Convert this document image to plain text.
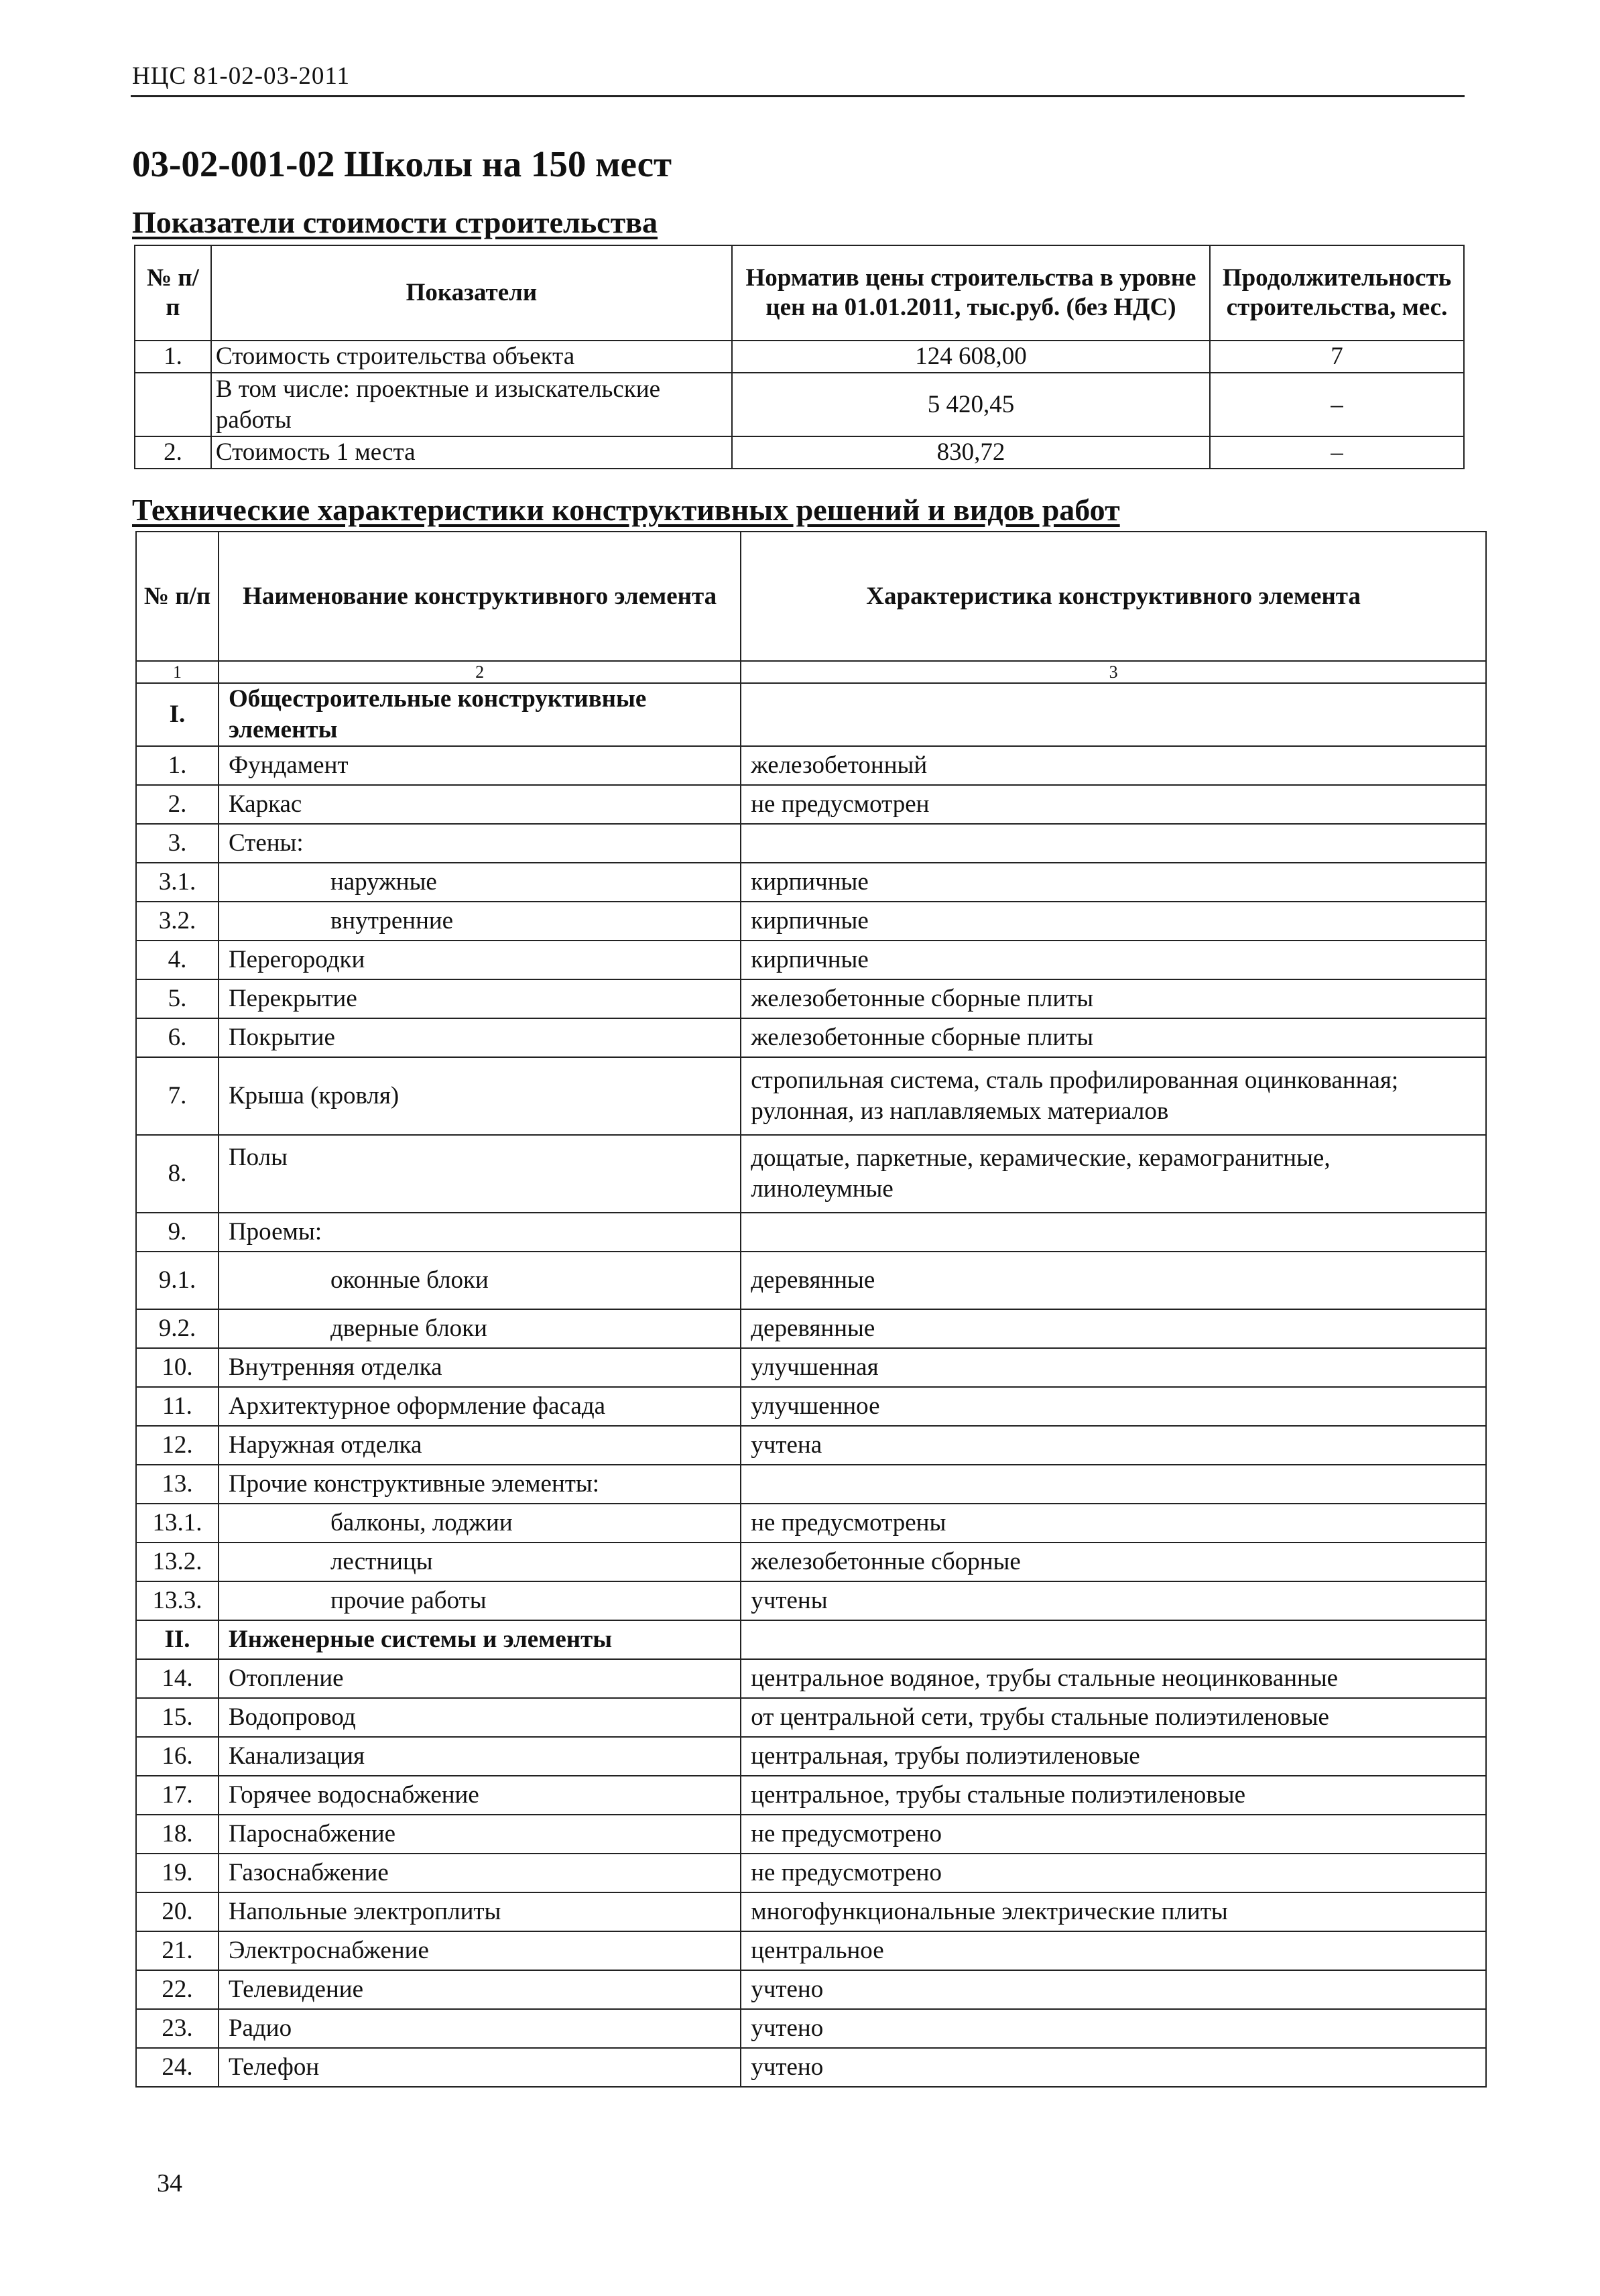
НЦС 81-02-03-2011
03-02-001-02 Школы на 150 мест
Показатели стоимости строительства
№ п/п	Показатели	Норматив цены строительства в уровне цен на 01.01.2011, тыс.руб. (без НДС)	Продолжительность строительства, мес.
1.	Стоимость строительства объекта	124 608,00	7
	В том числе: проектные и изыскательские работы	5 420,45	–
2.	Стоимость 1 места	830,72	–
Технические характеристики конструктивных решений и видов работ
№ п/п	Наименование конструктивного элемента	Характеристика конструктивного элемента
1	2	3
I.	Общестроительные конструктивные элементы	
1.	Фундамент	железобетонный
2.	Каркас	не предусмотрен
3.	Стены:	
3.1.	наружные	кирпичные
3.2.	внутренние	кирпичные
4.	Перегородки	кирпичные
5.	Перекрытие	железобетонные сборные плиты
6.	Покрытие	железобетонные сборные плиты
7.	Крыша (кровля)	стропильная система, сталь профилированная оцинкованная; рулонная, из наплавляемых материалов
8.	Полы	дощатые, паркетные, керамические, керамогранитные, линолеумные
9.	Проемы:	
9.1.	оконные блоки	деревянные
9.2.	дверные блоки	деревянные
10.	Внутренняя отделка	улучшенная
11.	Архитектурное оформление фасада	улучшенное
12.	Наружная отделка	учтена
13.	Прочие конструктивные элементы:	
13.1.	балконы, лоджии	не предусмотрены
13.2.	лестницы	железобетонные сборные
13.3.	прочие работы	учтены
II.	Инженерные системы и элементы	
14.	Отопление	центральное водяное, трубы стальные неоцинкованные
15.	Водопровод	от центральной сети, трубы стальные полиэтиленовые
16.	Канализация	центральная, трубы полиэтиленовые
17.	Горячее водоснабжение	центральное, трубы стальные полиэтиленовые
18.	Пароснабжение	не предусмотрено
19.	Газоснабжение	не предусмотрено
20.	Напольные электроплиты	многофункциональные электрические плиты
21.	Электроснабжение	центральное
22.	Телевидение	учтено
23.	Радио	учтено
24.	Телефон	учтено
34
